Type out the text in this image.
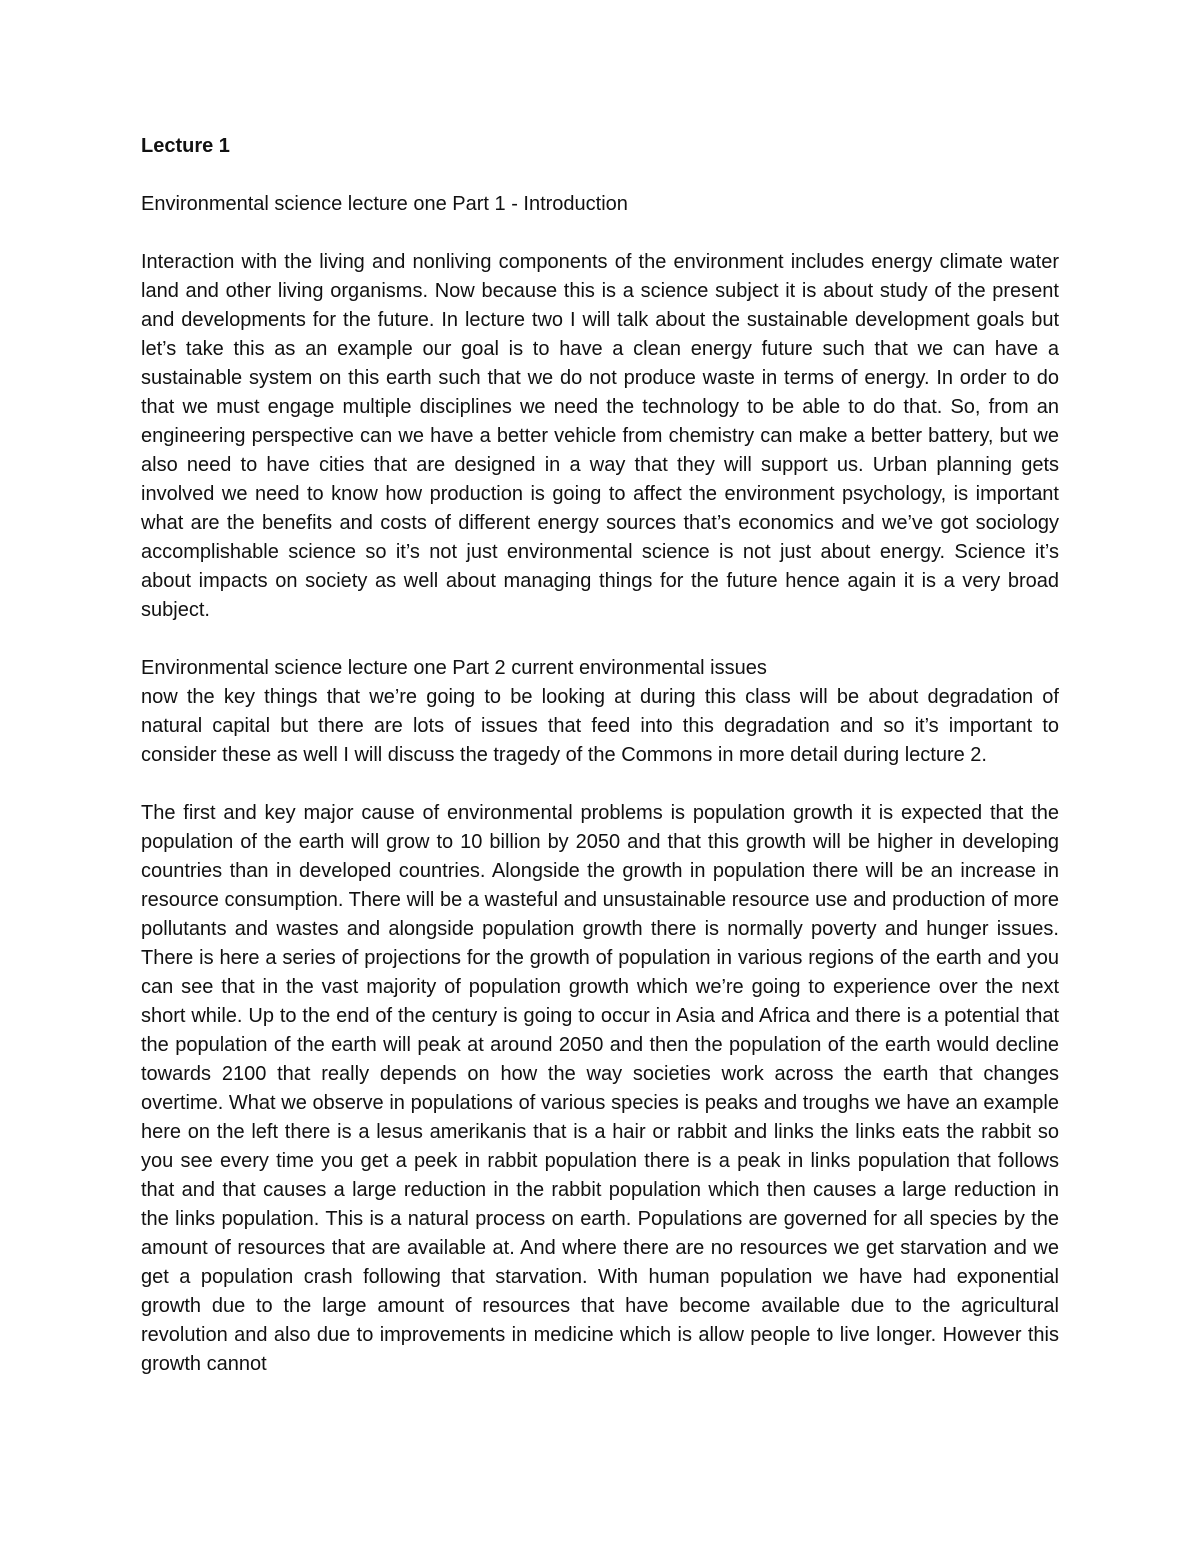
Lecture 1

Environmental science lecture one Part 1 - Introduction

Interaction with the living and nonliving components of the environment includes energy climate water land and other living organisms. Now because this is a science subject it is about study of the present and developments for the future. In lecture two I will talk about the sustainable development goals but let’s take this as an example our goal is to have a clean energy future such that we can have a sustainable system on this earth such that we do not produce waste in terms of energy. In order to do that we must engage multiple disciplines we need the technology to be able to do that. So, from an engineering perspective can we have a better vehicle from chemistry can make a better battery, but we also need to have cities that are designed in a way that they will support us. Urban planning gets involved we need to know how production is going to affect the environment psychology, is important what are the benefits and costs of different energy sources that’s economics and we’ve got sociology accomplishable science so it’s not just environmental science is not just about energy. Science it’s about impacts on society as well about managing things for the future hence again it is a very broad subject.

Environmental science lecture one Part 2 current environmental issues

now the key things that we’re going to be looking at during this class will be about degradation of natural capital but there are lots of issues that feed into this degradation and so it’s important to consider these as well I will discuss the tragedy of the Commons in more detail during lecture 2.

The first and key major cause of environmental problems is population growth it is expected that the population of the earth will grow to 10 billion by 2050 and that this growth will be higher in developing countries than in developed countries. Alongside the growth in population there will be an increase in resource consumption. There will be a wasteful and unsustainable resource use and production of more pollutants and wastes and alongside population growth there is normally poverty and hunger issues. There is here a series of projections for the growth of population in various regions of the earth and you can see that in the vast majority of population growth which we’re going to experience over the next short while. Up to the end of the century is going to occur in Asia and Africa and there is a potential that the population of the earth will peak at around 2050 and then the population of the earth would decline towards 2100 that really depends on how the way societies work across the earth that changes overtime. What we observe in populations of various species is peaks and troughs we have an example here on the left there is a lesus amerikanis that is a hair or rabbit and links the links eats the rabbit so you see every time you get a peek in rabbit population there is a peak in links population that follows that and that causes a large reduction in the rabbit population which then causes a large reduction in the links population. This is a natural process on earth. Populations are governed for all species by the amount of resources that are available at. And where there are no resources we get starvation and we get a population crash following that starvation. With human population we have had exponential growth due to the large amount of resources that have become available due to the agricultural revolution and also due to improvements in medicine which is allow people to live longer. However this growth cannot
